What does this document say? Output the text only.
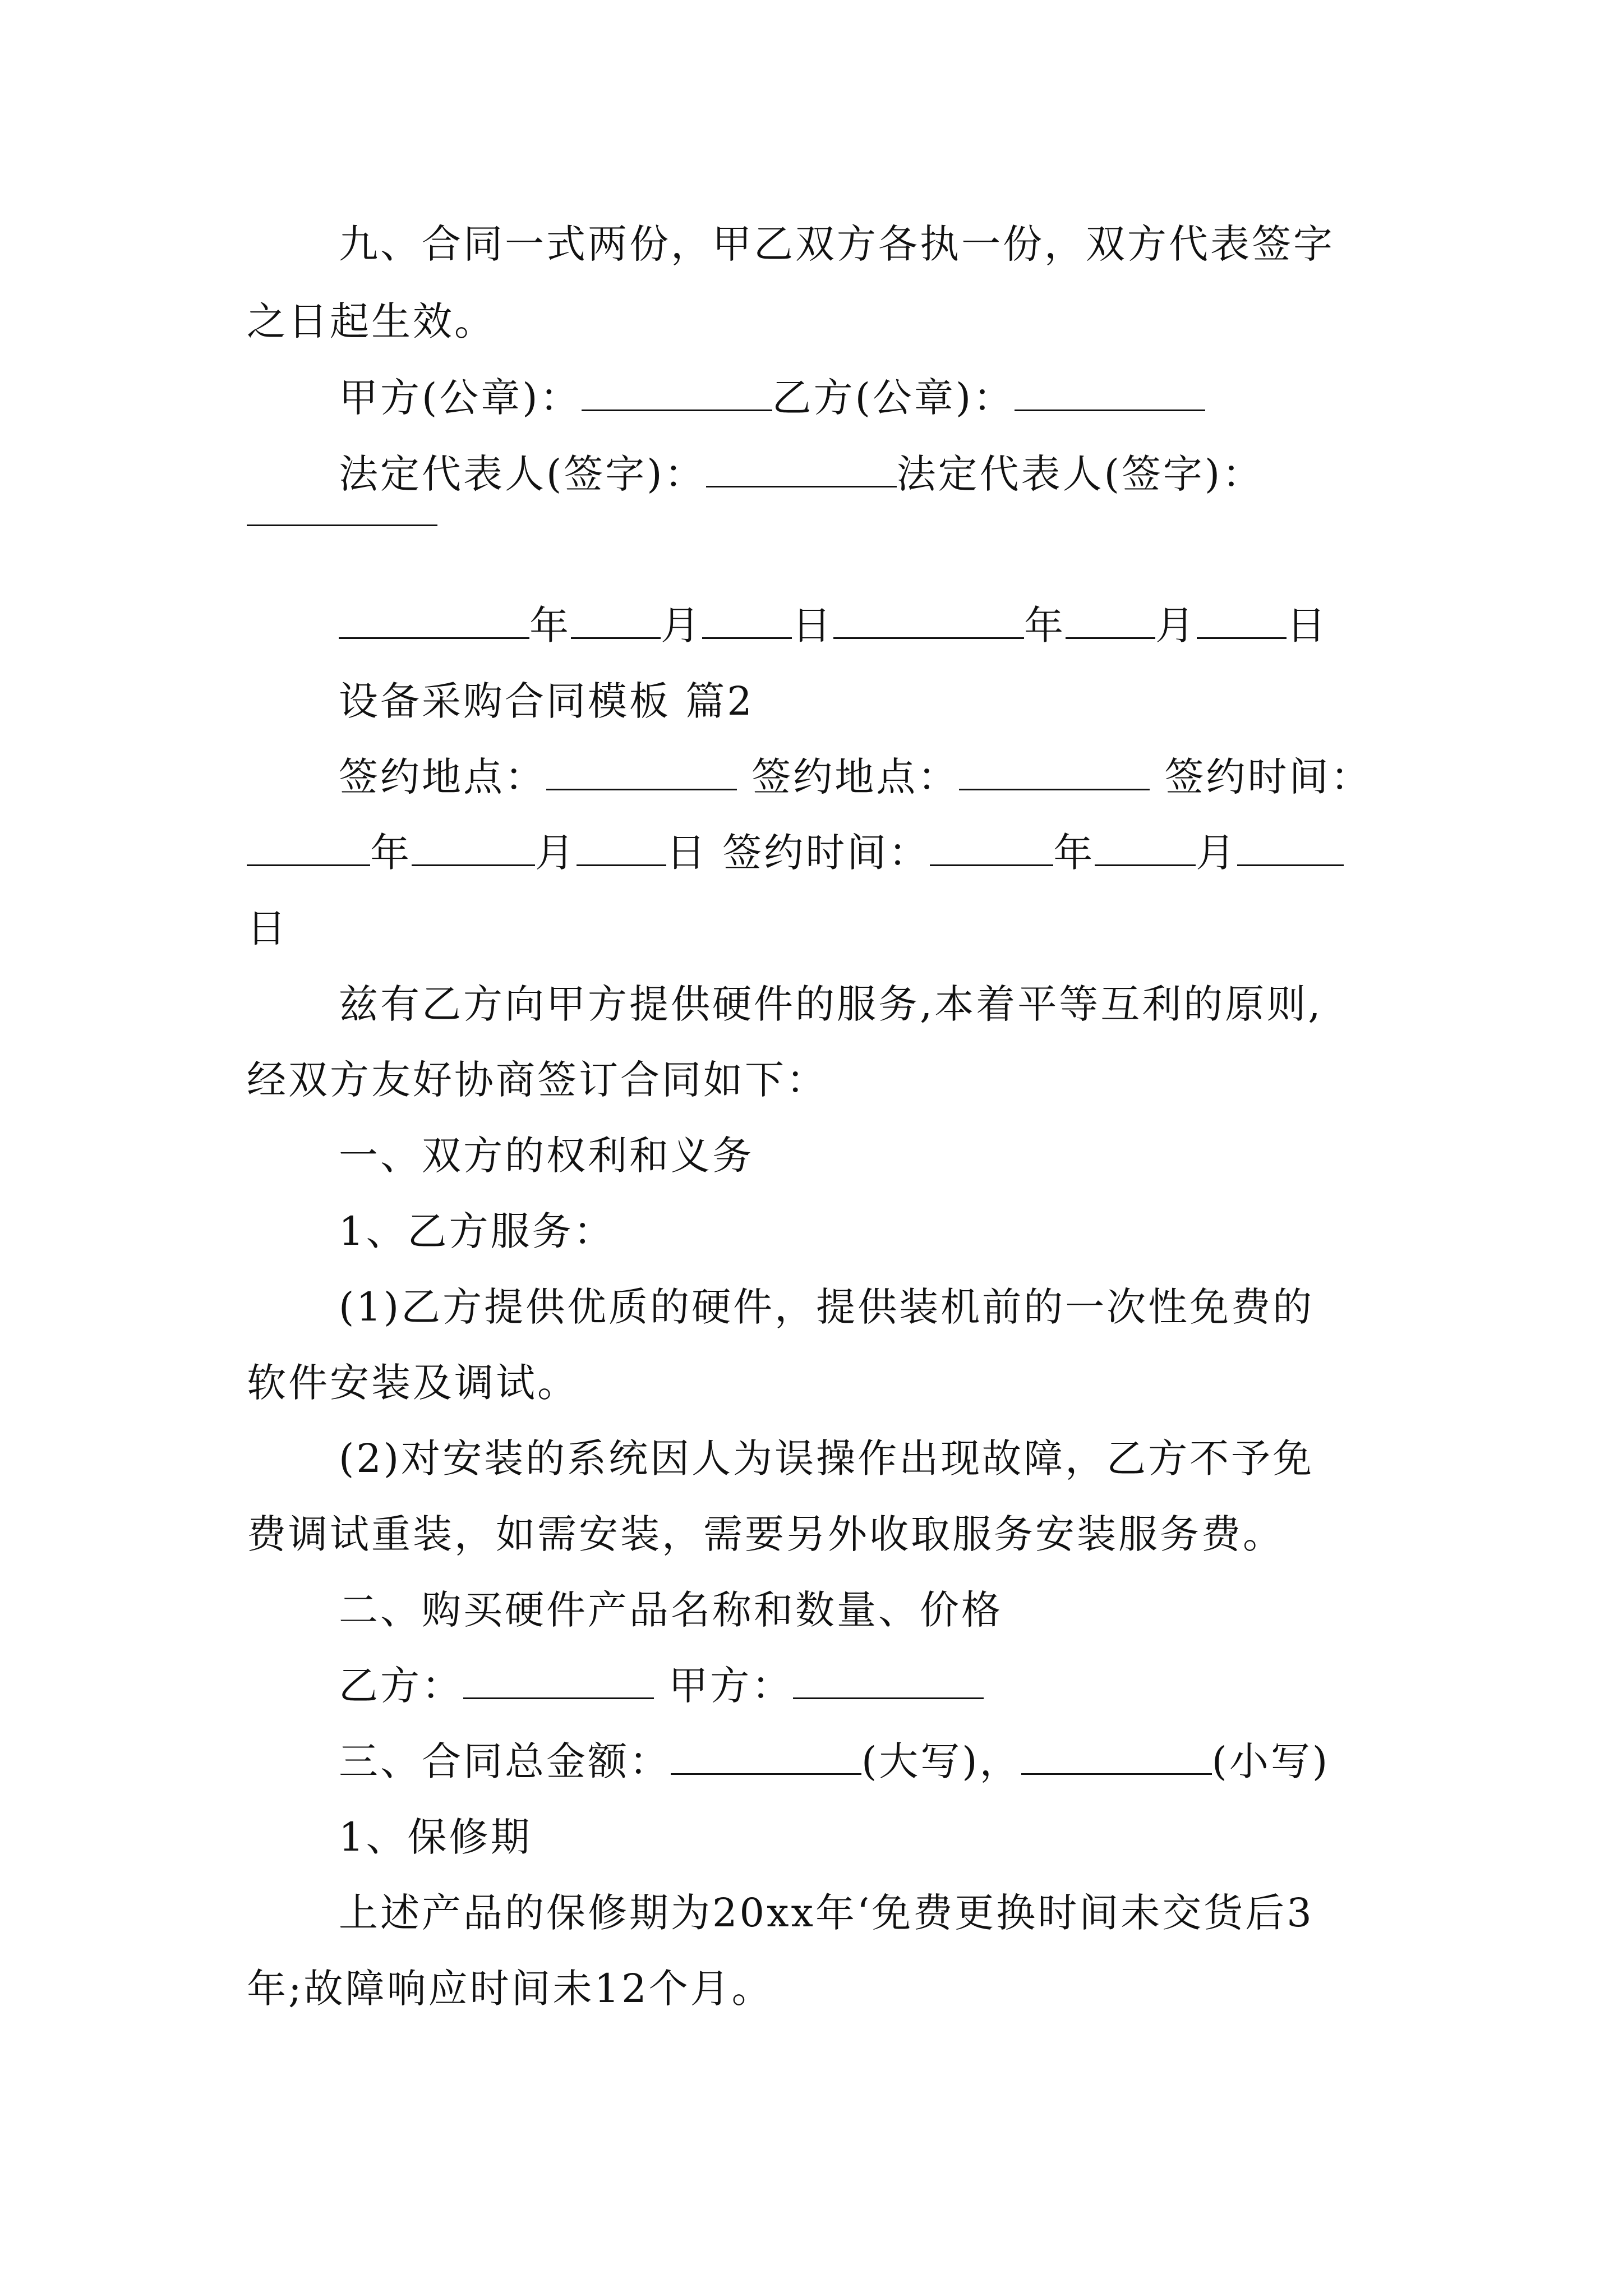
九、合同一式两份，甲乙双方各执一份，双方代表签字

之日起生效。

甲方(公章)：	乙方(公章)：

法定代表人(签字)：	法定代表人(签字)：

年 月 日	年 月 日

设备采购合同模板 篇2

签约地点：	签约地点：	签约时间：

年	月 日 签约时间：	年	月

日

兹有乙方向甲方提供硬件的服务,本着平等互利的原则,

经双方友好协商签订合同如下：

一、双方的权利和义务

1、乙方服务：

(1)乙方提供优质的硬件，提供装机前的一次性免费的

软件安装及调试。

(2)对安装的系统因人为误操作出现故障，乙方不予免

费调试重装，如需安装，需要另外收取服务安装服务费。

二、购买硬件产品名称和数量、价格

乙方：	甲方：

三、合同总金额：	(大写)，	(小写)

1、保修期

上述产品的保修期为20xx年‘免费更换时间未交货后3

年;故障响应时间未12个月。
